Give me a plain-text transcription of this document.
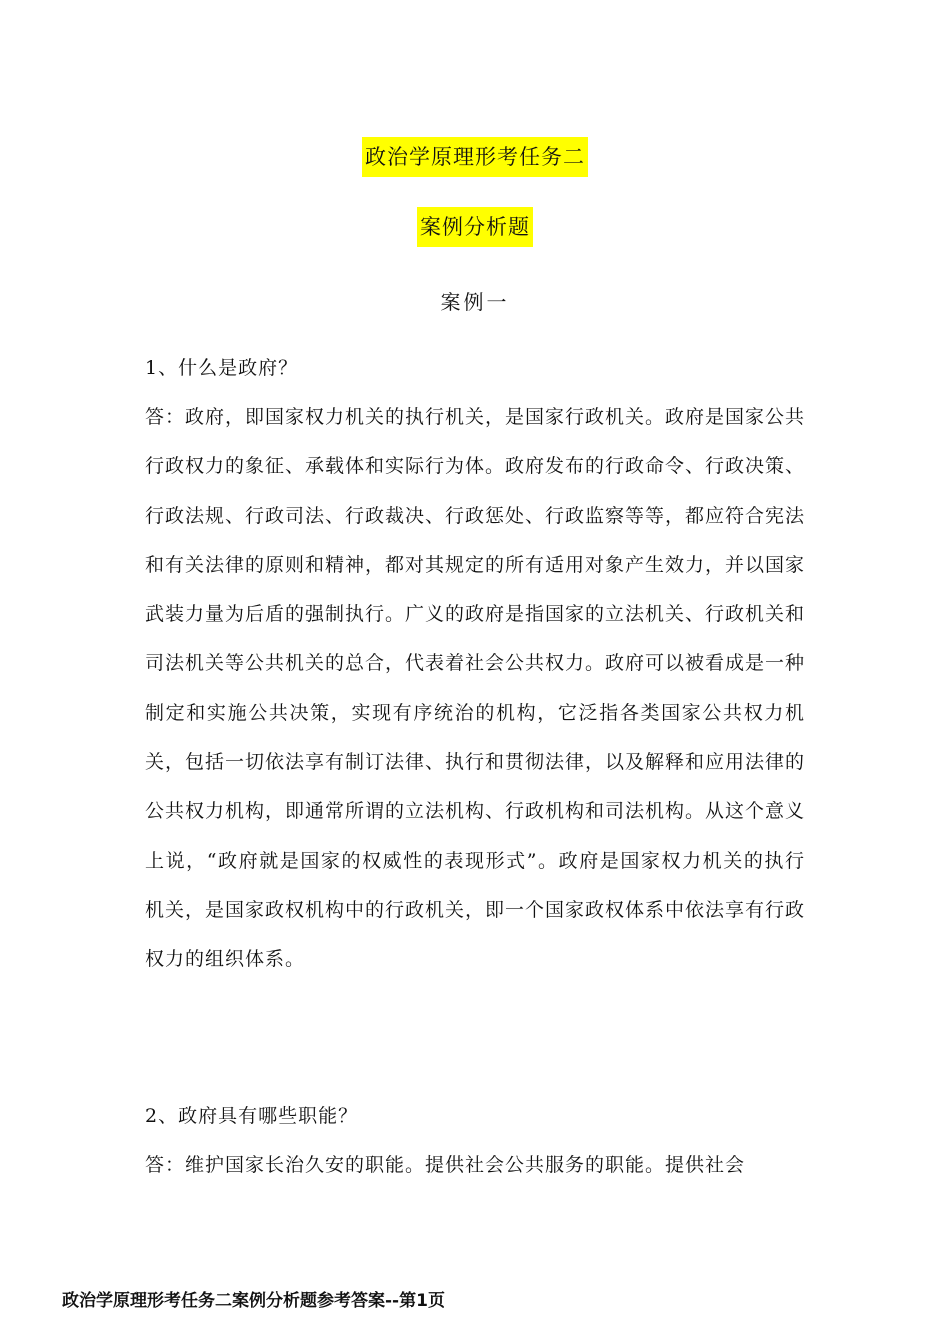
政治学原理形考任务二
案例分析题
案例一

1、什么是政府？

答：政府，即国家权力机关的执行机关，是国家行政机关。政府是国家公共行政权力的象征、承载体和实际行为体。政府发布的行政命令、行政决策、行政法规、行政司法、行政裁决、行政惩处、行政监察等等，都应符合宪法和有关法律的原则和精神，都对其规定的所有适用对象产生效力，并以国家武装力量为后盾的强制执行。广义的政府是指国家的立法机关、行政机关和司法机关等公共机关的总合，代表着社会公共权力。政府可以被看成是一种制定和实施公共决策，实现有序统治的机构，它泛指各类国家公共权力机关，包括一切依法享有制订法律、执行和贯彻法律，以及解释和应用法律的公共权力机构，即通常所谓的立法机构、行政机构和司法机构。从这个意义上说，“政府就是国家的权威性的表现形式”。政府是国家权力机关的执行机关，是国家政权机构中的行政机关，即一个国家政权体系中依法享有行政权力的组织体系。

2、政府具有哪些职能？

答：维护国家长治久安的职能。提供社会公共服务的职能。提供社会

政治学原理形考任务二案例分析题参考答案--第1页
